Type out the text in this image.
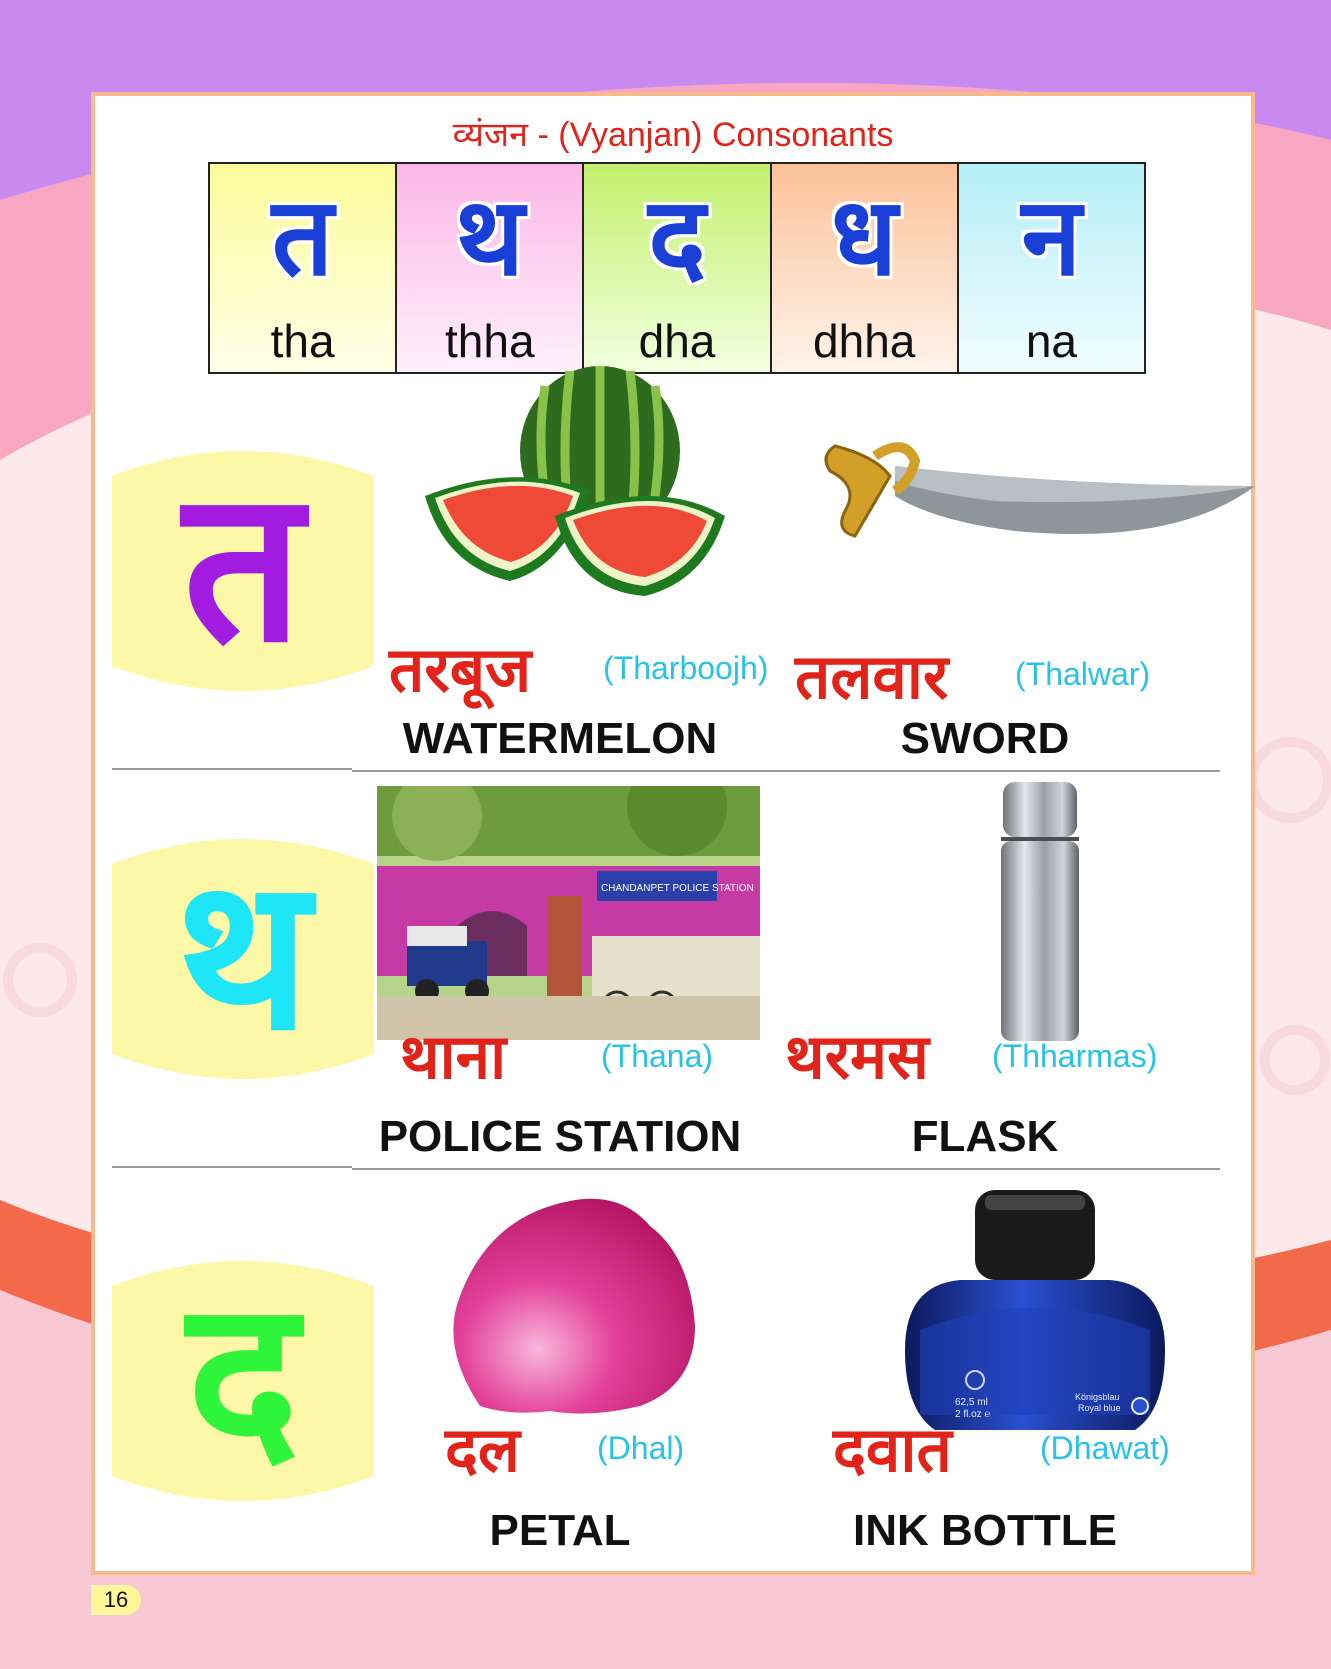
व्यंजन - (Vyanjan) Consonants
त
tha
थ
thha
द
dha
ध
dhha
न
na
त	तरबूज (Tharboojh)
WATERMELON
तलवार (Thalwar)
SWORD
थ	CHANDANPET POLICE STATION
थाना	(Thana)
POLICE STATION
थरमस (Thharmas)
FLASK
द	दल (Dhal)
PETAL
62,5 ml
2 fl.oz ℮
Königsblau
Royal blue
दवात	(Dhawat)
INK BOTTLE
16
